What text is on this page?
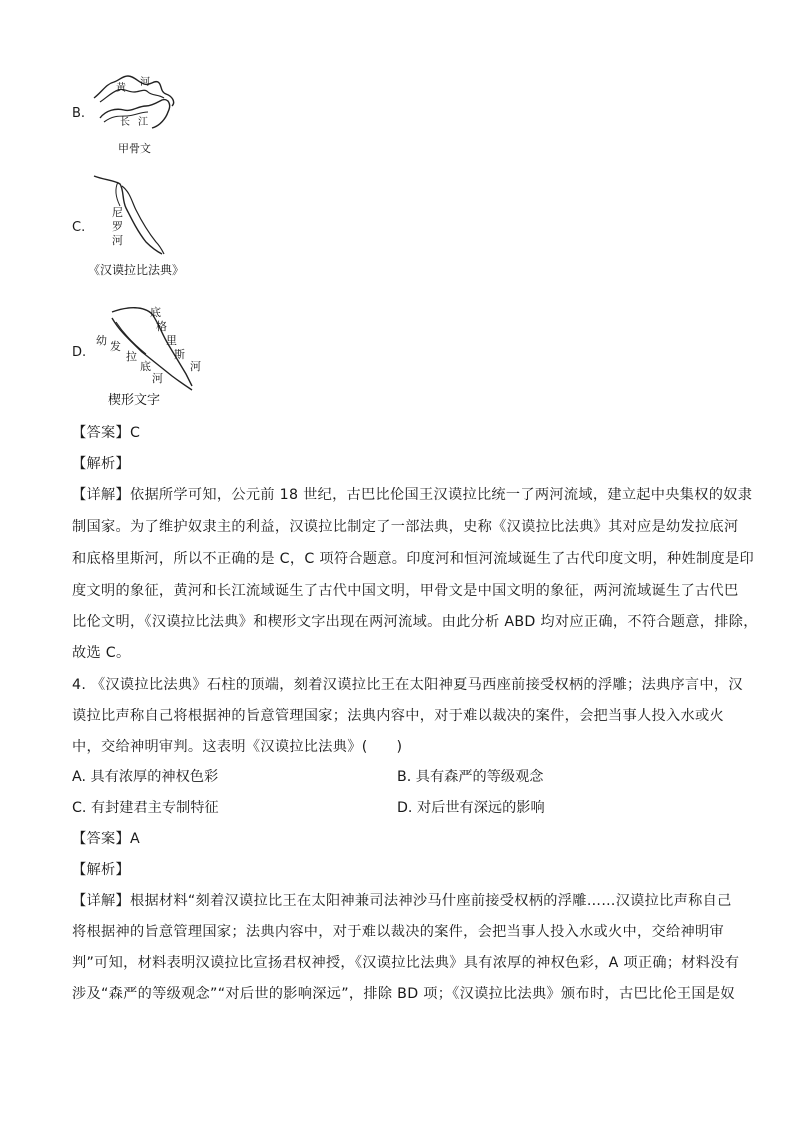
B.
黄
河
长 江
甲骨文
C.
尼
罗
河
《汉谟拉比法典》
D.
底
格
里
斯
河
幼 发
拉
底
河
楔形文字
【答案】C
【解析】
【详解】依据所学可知，公元前 18 世纪，古巴比伦国王汉谟拉比统一了两河流域，建立起中央集权的奴隶
制国家。为了维护奴隶主的利益，汉谟拉比制定了一部法典，史称《汉谟拉比法典》其对应是幼发拉底河
和底格里斯河，所以不正确的是 C，C 项符合题意。印度河和恒河流域诞生了古代印度文明，种姓制度是印
度文明的象征，黄河和长江流域诞生了古代中国文明，甲骨文是中国文明的象征，两河流域诞生了古代巴
比伦文明，《汉谟拉比法典》和楔形文字出现在两河流域。由此分析 ABD 均对应正确，不符合题意，排除，
故选 C。
4. 《汉谟拉比法典》石柱的顶端，刻着汉谟拉比王在太阳神夏马西座前接受权柄的浮雕；法典序言中，汉
谟拉比声称自己将根据神的旨意管理国家；法典内容中，对于难以裁决的案件，会把当事人投入水或火
中，交给神明审判。这表明《汉谟拉比法典》(　　)
A. 具有浓厚的神权色彩	B. 具有森严的等级观念
C. 有封建君主专制特征	D. 对后世有深远的影响
【答案】A
【解析】
【详解】根据材料“刻着汉谟拉比王在太阳神兼司法神沙马什座前接受权柄的浮雕……汉谟拉比声称自己
将根据神的旨意管理国家；法典内容中，对于难以裁决的案件，会把当事人投入水或火中，交给神明审
判”可知，材料表明汉谟拉比宣扬君权神授，《汉谟拉比法典》具有浓厚的神权色彩，A 项正确；材料没有
涉及“森严的等级观念”“对后世的影响深远”，排除 BD 项；《汉谟拉比法典》颁布时，古巴比伦王国是奴
